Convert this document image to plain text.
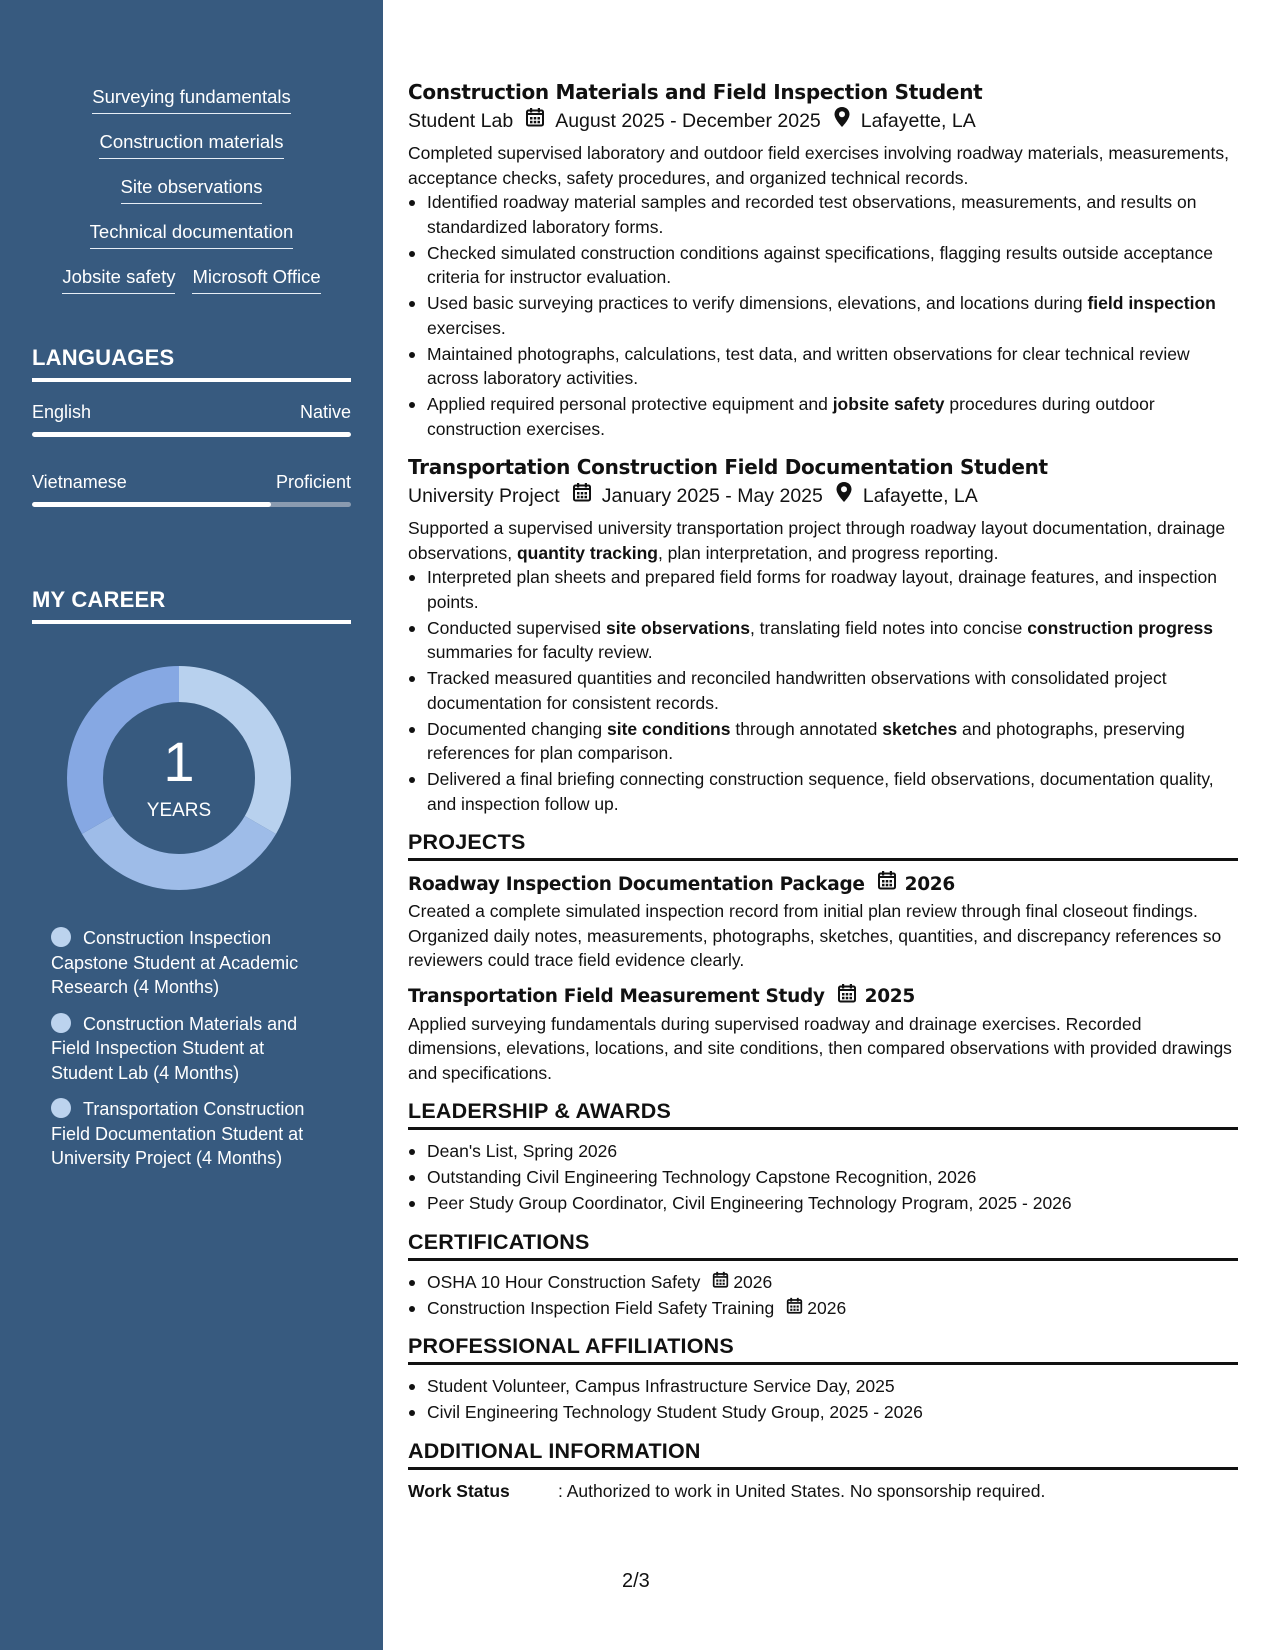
Surveying fundamentals
Construction materials
Site observations
Technical documentation
Jobsite safety Microsoft Office
LANGUAGES
English	Native
Vietnamese	Proficient
MY CAREER
1
YEARS
Construction Inspection Capstone Student at Academic Research (4 Months)
Construction Materials and Field Inspection Student at Student Lab (4 Months)
Transportation Construction Field Documentation Student at University Project (4 Months)
Construction Materials and Field Inspection Student
Student Lab August 2025 - December 2025 Lafayette, LA

Completed supervised laboratory and outdoor field exercises involving roadway materials, measurements, acceptance checks, safety procedures, and organized technical records.

Identified roadway material samples and recorded test observations, measurements, and results on standardized laboratory forms.
Checked simulated construction conditions against specifications, flagging results outside acceptance criteria for instructor evaluation.
Used basic surveying practices to verify dimensions, elevations, and locations during field inspection exercises.
Maintained photographs, calculations, test data, and written observations for clear technical review across laboratory activities.
Applied required personal protective equipment and jobsite safety procedures during outdoor construction exercises.
Transportation Construction Field Documentation Student
University Project January 2025 - May 2025 Lafayette, LA

Supported a supervised university transportation project through roadway layout documentation, drainage observations, quantity tracking, plan interpretation, and progress reporting.

Interpreted plan sheets and prepared field forms for roadway layout, drainage features, and inspection points.
Conducted supervised site observations, translating field notes into concise construction progress summaries for faculty review.
Tracked measured quantities and reconciled handwritten observations with consolidated project documentation for consistent records.
Documented changing site conditions through annotated sketches and photographs, preserving references for plan comparison.
Delivered a final briefing connecting construction sequence, field observations, documentation quality, and inspection follow up.
PROJECTS
Roadway Inspection Documentation Package 2026

Created a complete simulated inspection record from initial plan review through final closeout findings. Organized daily notes, measurements, photographs, sketches, quantities, and discrepancy references so reviewers could trace field evidence clearly.

Transportation Field Measurement Study 2025

Applied surveying fundamentals during supervised roadway and drainage exercises. Recorded dimensions, elevations, locations, and site conditions, then compared observations with provided drawings and specifications.

LEADERSHIP & AWARDS
Dean's List, Spring 2026
Outstanding Civil Engineering Technology Capstone Recognition, 2026
Peer Study Group Coordinator, Civil Engineering Technology Program, 2025 - 2026
CERTIFICATIONS
OSHA 10 Hour Construction Safety 2026
Construction Inspection Field Safety Training 2026
PROFESSIONAL AFFILIATIONS
Student Volunteer, Campus Infrastructure Service Day, 2025
Civil Engineering Technology Student Study Group, 2025 - 2026
ADDITIONAL INFORMATION
Work Status	: Authorized to work in United States. No sponsorship required.
2/3
